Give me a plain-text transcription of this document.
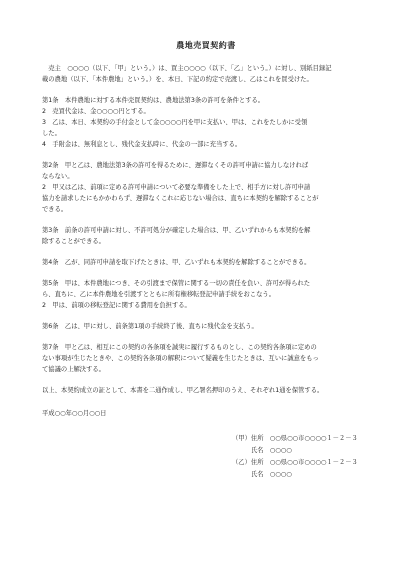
農地売買契約書

　売主　○○○○（以下、「甲」という。）は、買主○○○○（以下、「乙」という。）に対し、別紙目録記

載の農地（以下、「本件農地」という。）を、本日、下記の約定で売渡し、乙はこれを買受けた。

第1条　本件農地に対する本件売買契約は、農地法第3条の許可を条件とする。

2　売買代金は、金○○○○円とする。

3　乙は、本日、本契約の手付金として金○○○○円を甲に支払い、甲は、これをたしかに受領

した。

4　手附金は、無利息とし、残代金支払時に、代金の一部に充当する。

第2条　甲と乙は、農地法第3条の許可を得るために、遅滞なくその許可申請に協力しなければ

ならない。

2　甲又は乙は、前項に定める許可申請について必要な準備をした上で、相手方に対し許可申請

協力を請求したにもかかわらず、遅滞なくこれに応じない場合は、直ちに本契約を解除することが

できる。

第3条　前条の許可申請に対し、不許可処分が確定した場合は、甲、乙いずれからも本契約を解

除することができる。

第4条　乙が、同許可申請を取下げたときは、甲、乙いずれも本契約を解除することができる。

第5条　甲は、本件農地につき、その引渡まで保管に関する一切の責任を負い、許可が得られた

ら、直ちに、乙に本件農地を引渡すとともに所有権移転登記申請手続をおこなう。

2　甲は、前項の移転登記に関する費用を負担する。

第6条　乙は、甲に対し、前条第1項の手続終了後、直ちに残代金を支払う。

第7条　甲と乙は、相互にこの契約の各条項を誠実に履行するものとし、この契約各条項に定めの

ない事項が生じたときや、この契約各条項の解釈について疑義を生じたときは、互いに誠意をもっ

て協議の上解決する。

以上、本契約成立の証として、本書を二通作成し、甲乙署名押印のうえ、それぞれ1通を保管する。

平成○○年○○月○○日

（甲）住所　○○県○○市○○○○１－２－３

　　　氏名　○○○○

（乙）住所　○○県○○市○○○○１－２－３

　　　氏名　○○○○
